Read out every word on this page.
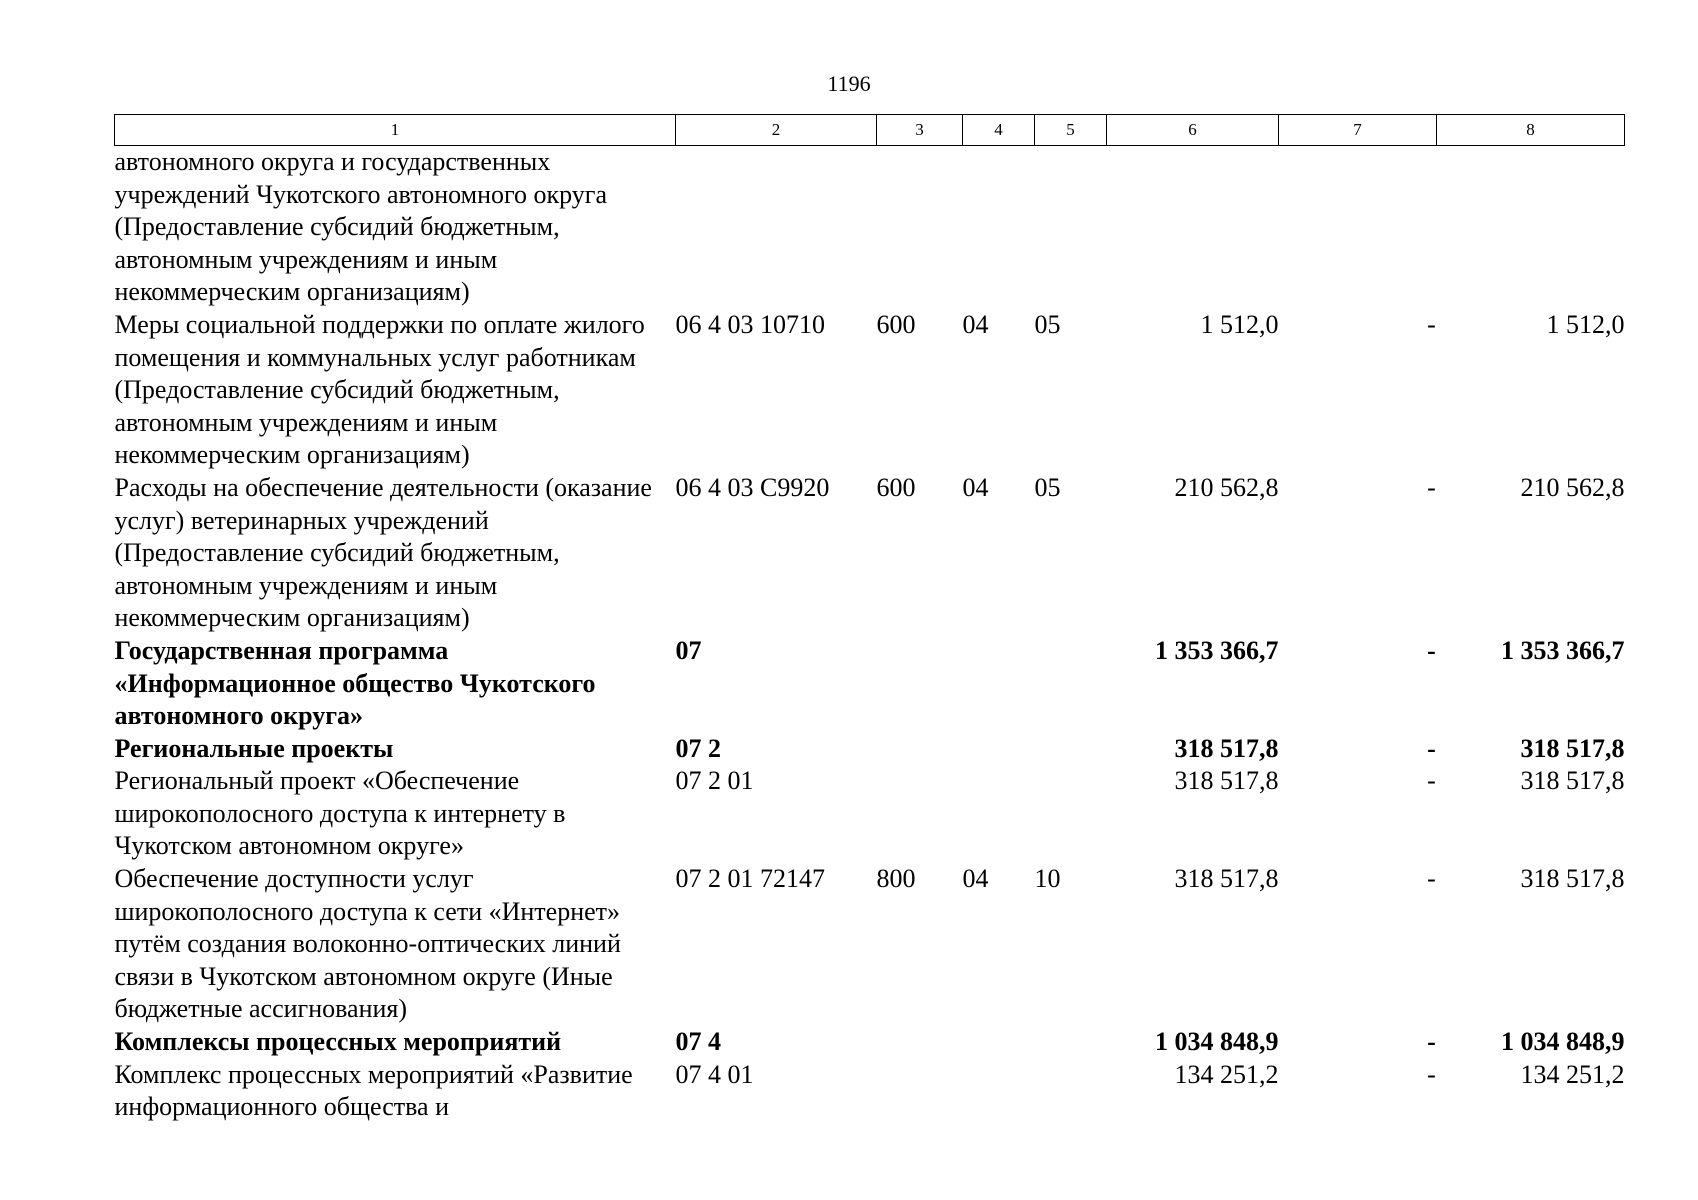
1196
1	2	3	4	5	6	7	8
автономного округа и государственных учреждений Чукотского автономного округа (Предоставление субсидий бюджетным, автономным учреждениям и иным некоммерческим организациям)							
Меры социальной поддержки по оплате жилого помещения и коммунальных услуг работникам (Предоставление субсидий бюджетным, автономным учреждениям и иным некоммерческим организациям)	06 4 03 10710	600	04	05	1 512,0	-	1 512,0
Расходы на обеспечение деятельности (оказание услуг) ветеринарных учреждений (Предоставление субсидий бюджетным, автономным учреждениям и иным некоммерческим организациям)	06 4 03 С9920	600	04	05	210 562,8	-	210 562,8
Государственная программа «Информационное общество Чукотского автономного округа»	07				1 353 366,7	-	1 353 366,7
Региональные проекты	07 2				318 517,8	-	318 517,8
Региональный проект «Обеспечение широкополосного доступа к интернету в Чукотском автономном округе»	07 2 01				318 517,8	-	318 517,8
Обеспечение доступности услуг широкополосного доступа к сети «Интернет» путём создания волоконно-оптических линий связи в Чукотском автономном округе (Иные бюджетные ассигнования)	07 2 01 72147	800	04	10	318 517,8	-	318 517,8
Комплексы процессных мероприятий	07 4				1 034 848,9	-	1 034 848,9
Комплекс процессных мероприятий «Развитие информационного общества и	07 4 01				134 251,2	-	134 251,2
